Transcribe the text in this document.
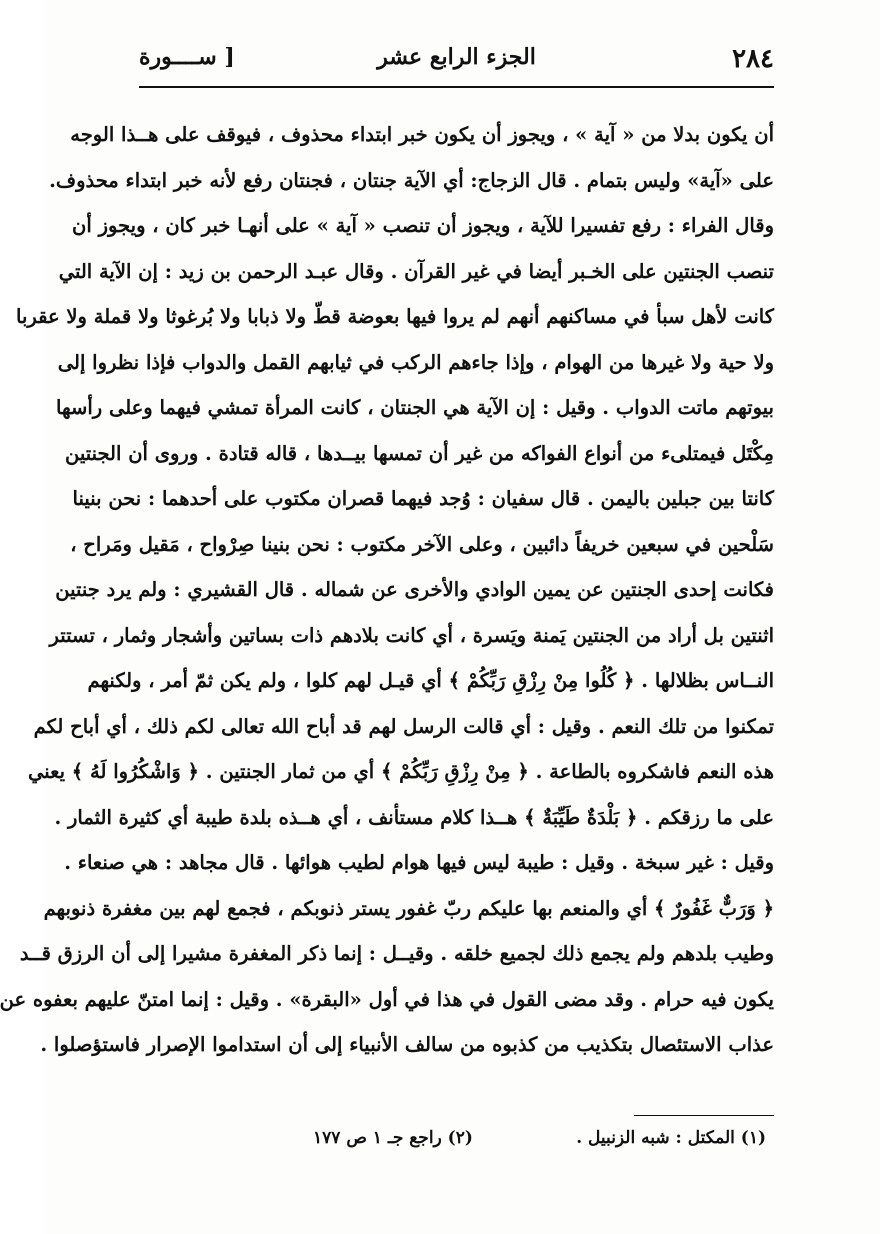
٢٨٤
الجزء الرابع عشر
[ ســــورة
أن يكون بدلا من « آية » ، ويجوز أن يكون خبر ابتداء محذوف ، فيوقف على هــذا الوجه
على «آية» وليس بتمام . قال الزجاج: أي الآية جنتان ، فجنتان رفع لأنه خبر ابتداء محذوف.
وقال الفراء : رفع تفسيرا للآية ، ويجوز أن تنصب « آية » على أنهـا خبر كان ، ويجوز أن
تنصب الجنتين على الخـبر أيضا في غير القرآن . وقال عبـد الرحمن بن زيد : إن الآية التي
كانت لأهل سبأ في مساكنهم أنهم لم يروا فيها بعوضة قطّ ولا ذبابا ولا بُرغوثا ولا قملة ولا عقربا
ولا حية ولا غيرها من الهوام ، وإذا جاءهم الركب في ثيابهم القمل والدواب فإذا نظروا إلى
بيوتهم ماتت الدواب . وقيل : إن الآية هي الجنتان ، كانت المرأة تمشي فيهما وعلى رأسها
مِكْتَل فيمتلىء من أنواع الفواكه من غير أن تمسها بيــدها ، قاله قتادة . وروى أن الجنتين
كانتا بين جبلين باليمن . قال سفيان : وُجد فيهما قصران مكتوب على أحدهما : نحن بنينا
سَلْحين في سبعين خريفاً دائبين ، وعلى الآخر مكتوب : نحن بنينا صِرْواح ، مَقيل ومَراح ،
فكانت إحدى الجنتين عن يمين الوادي والأخرى عن شماله . قال القشيري : ولم يرد جنتين
اثنتين بل أراد من الجنتين يَمنة ويَسرة ، أي كانت بلادهم ذات بساتين وأشجار وثمار ، تستتر
النــاس بظلالها . ﴿ كُلُوا مِنْ رِزْقِ رَبِّكُمْ ﴾ أي قيـل لهم كلوا ، ولم يكن ثمّ أمر ، ولكنهم
تمكنوا من تلك النعم . وقيل : أي قالت الرسل لهم قد أباح الله تعالى لكم ذلك ، أي أباح لكم
هذه النعم فاشكروه بالطاعة . ﴿ مِنْ رِزْقِ رَبِّكُمْ ﴾ أي من ثمار الجنتين . ﴿ وَاشْكُرُوا لَهُ ﴾ يعني
على ما رزقكم . ﴿ بَلْدَةٌ طَيِّبَةٌ ﴾ هــذا كلام مستأنف ، أي هــذه بلدة طيبة أي كثيرة الثمار .
وقيل : غير سبخة . وقيل : طيبة ليس فيها هوام لطيب هوائها . قال مجاهد : هي صنعاء .
﴿ وَرَبٌّ غَفُورٌ ﴾ أي والمنعم بها عليكم ربّ غفور يستر ذنوبكم ، فجمع لهم بين مغفرة ذنوبهم
وطيب بلدهم ولم يجمع ذلك لجميع خلقه . وقيــل : إنما ذكر المغفرة مشيرا إلى أن الرزق قــد
يكون فيه حرام . وقد مضى القول في هذا في أول «البقرة» . وقيل : إنما امتنّ عليهم بعفوه عن
عذاب الاستئصال بتكذيب من كذبوه من سالف الأنبياء إلى أن استداموا الإصرار فاستؤصلوا .
(١) المكتل : شبه الزنبيل .
(٢) راجع جـ ١ ص ١٧٧
